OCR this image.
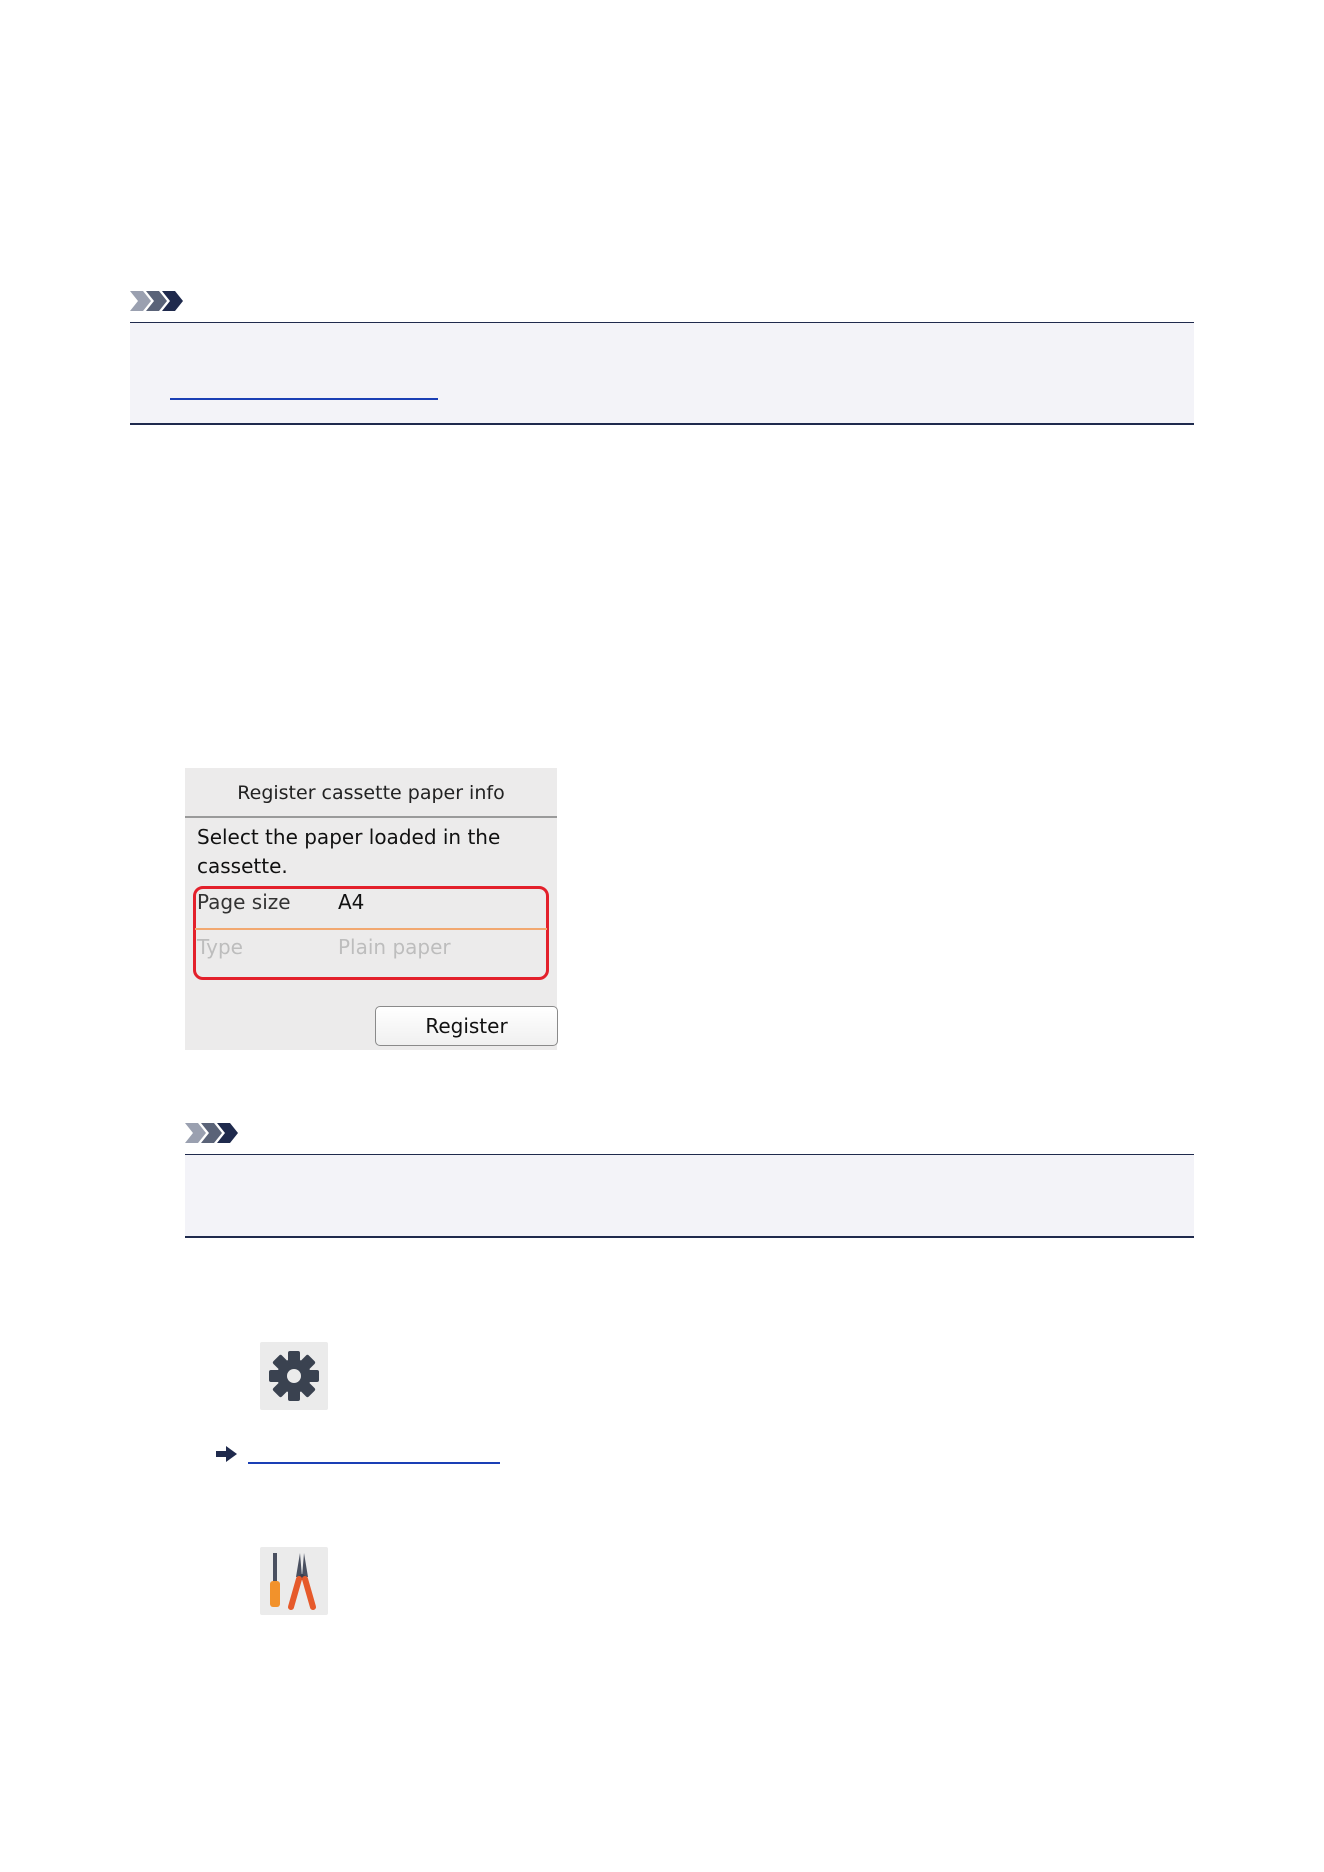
Register cassette paper info
Select the paper loaded in the
cassette.
Page size A4
Type	Plain paper
Register
